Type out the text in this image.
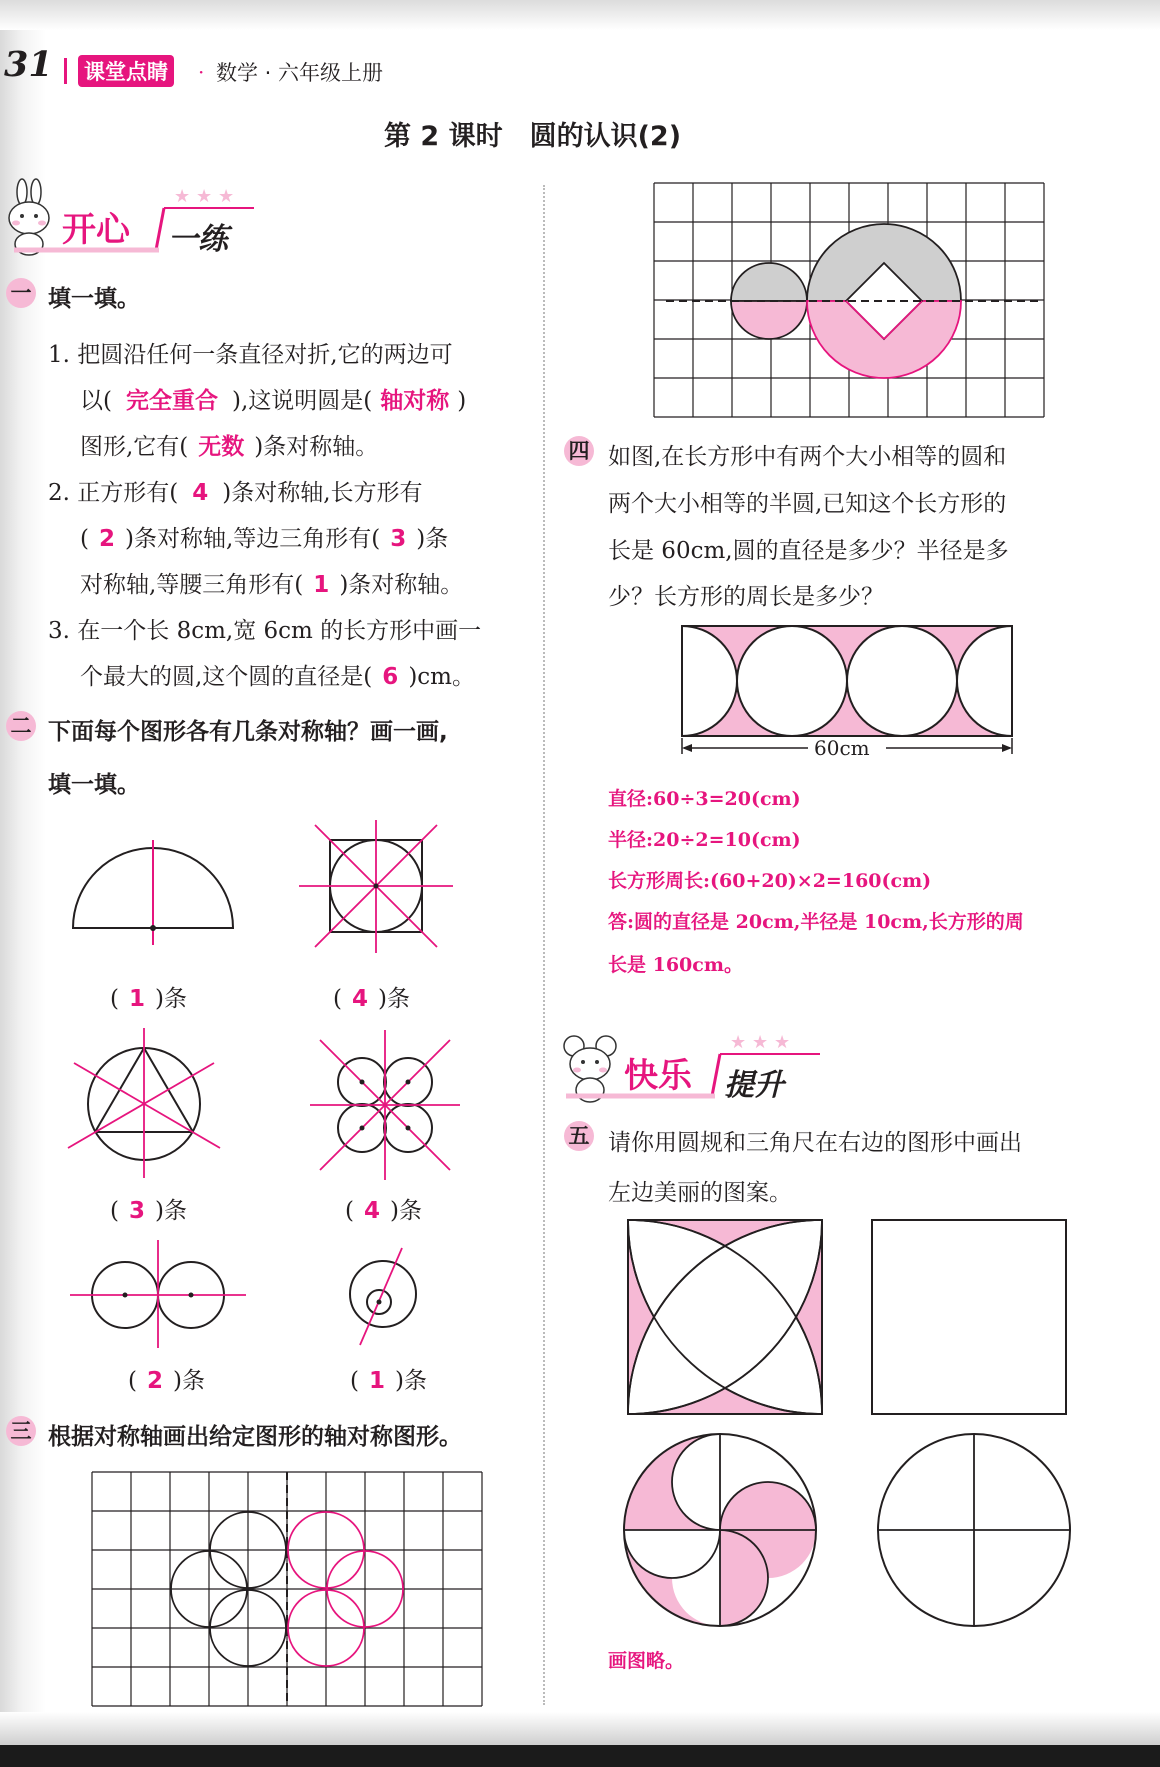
31 课堂点睛	· 数学 · 六年级上册
第 2 课时　圆的认识(2)
开心 一练
★ ★ ★
一 填一填。
1. 把圆沿任何一条直径对折,它的两边可
以( 完全重合 ),这说明圆是( 轴对称 )
图形,它有( 无数 )条对称轴。
2. 正方形有( 4 )条对称轴,长方形有
( 2 )条对称轴,等边三角形有( 3 )条
对称轴,等腰三角形有( 1 )条对称轴。
3. 在一个长 8cm,宽 6cm 的长方形中画一
个最大的圆,这个圆的直径是( 6 )cm。
二 下面每个图形各有几条对称轴？画一画,
填一填。
( 1 )条	( 4 )条
( 3 )条	( 4 )条
( 2 )条	( 1 )条
三 根据对称轴画出给定图形的轴对称图形。
四 如图,在长方形中有两个大小相等的圆和
两个大小相等的半圆,已知这个长方形的
长是 60cm,圆的直径是多少？半径是多
少？长方形的周长是多少？
60cm
直径:60÷3=20(cm)
半径:20÷2=10(cm)
长方形周长:(60+20)×2=160(cm)
答:圆的直径是 20cm,半径是 10cm,长方形的周
长是 160cm。
快乐 提升
★ ★ ★
五 请你用圆规和三角尺在右边的图形中画出
左边美丽的图案。
画图略。
